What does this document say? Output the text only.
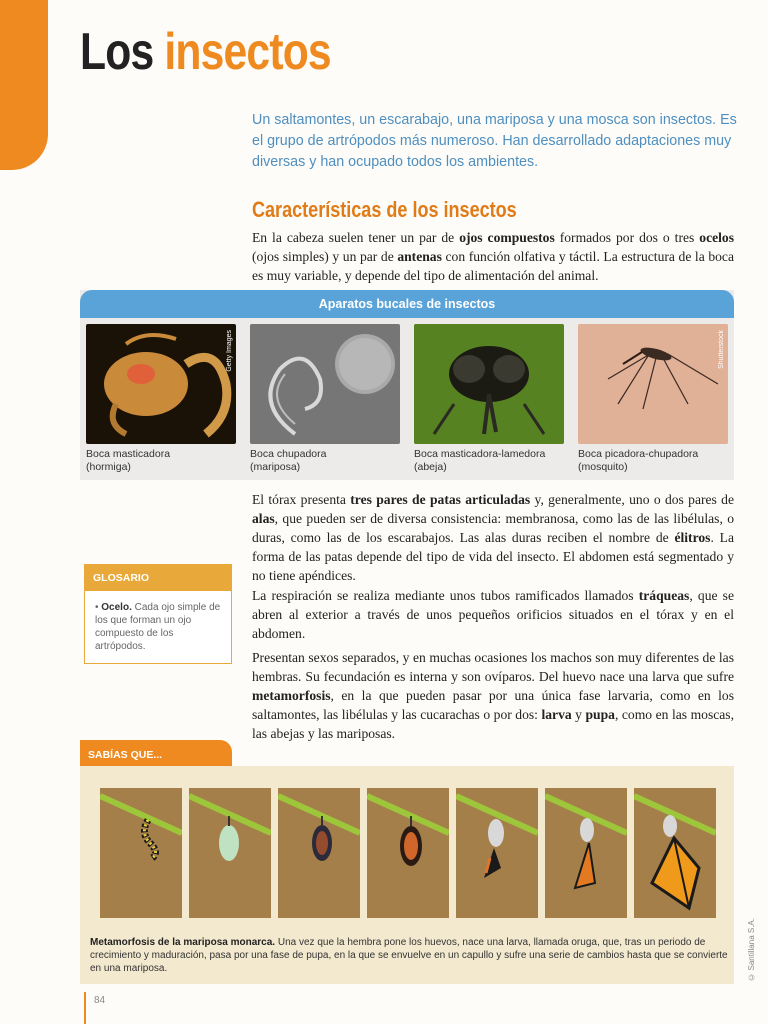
Los insectos
Un saltamontes, un escarabajo, una mariposa y una mosca son insectos. Es el grupo de artrópodos más numeroso. Han desarrollado adaptaciones muy diversas y han ocupado todos los ambientes.
Características de los insectos

En la cabeza suelen tener un par de ojos compuestos formados por dos o tres ocelos (ojos simples) y un par de antenas con función olfativa y táctil. La estructura de la boca es muy variable, y depende del tipo de alimentación del animal.

Aparatos bucales de insectos
Getty Images
Boca masticadora
(hormiga)
Boca chupadora
(mariposa)
Boca masticadora-lamedora
(abeja)
Shutterstock
Boca picadora-chupadora
(mosquito)

El tórax presenta tres pares de patas articuladas y, generalmente, uno o dos pares de alas, que pueden ser de diversa consistencia: membranosa, como las de las libélulas, o duras, como las de los escarabajos. Las alas duras reciben el nombre de élitros. La forma de las patas depende del tipo de vida del insecto. El abdomen está segmentado y no tiene apéndices.

La respiración se realiza mediante unos tubos ramificados llamados tráqueas, que se abren al exterior a través de unos pequeños orificios situados en el tórax y en el abdomen.

Presentan sexos separados, y en muchas ocasiones los machos son muy diferentes de las hembras. Su fecundación es interna y son ovíparos. Del huevo nace una larva que sufre metamorfosis, en la que pueden pasar por una única fase larvaria, como en los saltamontes, las libélulas y las cucarachas o por dos: larva y pupa, como en las moscas, las abejas y las mariposas.

GLOSARIO
• Ocelo. Cada ojo simple de los que forman un ojo compuesto de los artrópodos.
SABÍAS QUE...
Metamorfosis de la mariposa monarca. Una vez que la hembra pone los huevos, nace una larva, llamada oruga, que, tras un periodo de crecimiento y maduración, pasa por una fase de pupa, en la que se envuelve en un capullo y sufre una serie de cambios hasta que se convierte en una mariposa.
84
© Santillana S.A.
